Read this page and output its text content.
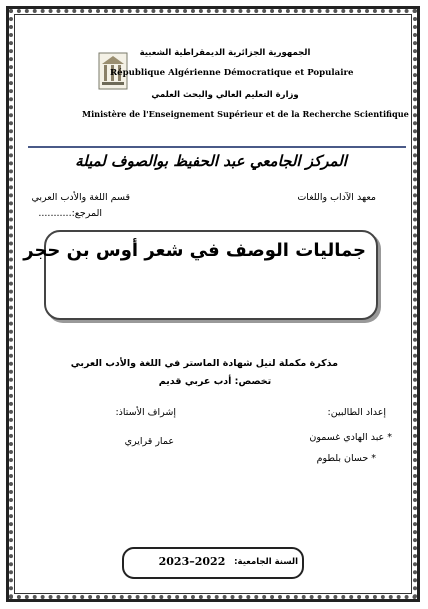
الجمهورية الجزائرية الديمقراطية الشعبية
République Algérienne Démocratique et Populaire
وزارة التعليم العالي والبحث العلمي
Ministère de l'Enseignement Supérieur et de la Recherche Scientifique
المركز الجامعي عبد الحفيظ بوالصوف لميلة
معهد الآداب واللغات
قسم اللغة والأدب العربي
المرجع:...........
جماليات الوصف في شعر أوس بن حجر
مذكرة مكملة لنيل شهادة الماستر في اللغة والأدب العربي
تخصص: أدب عربي قديم
إعداد الطالبين:
* عبد الهادي غسمون
* حسان بلطوم
إشراف الأستاذ:
عمار قرايري
السنة الجامعية:
2023–2022
